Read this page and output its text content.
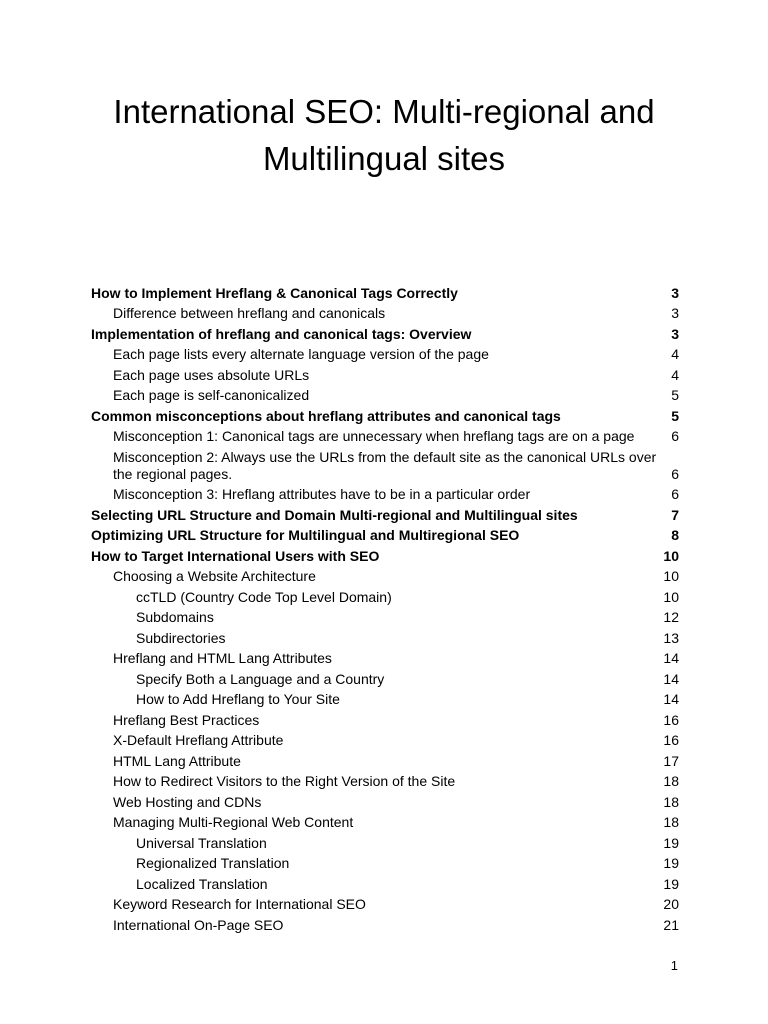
International SEO: Multi-regional and
Multilingual sites
How to Implement Hreflang & Canonical Tags Correctly	3
Difference between hreflang and canonicals	3
Implementation of hreflang and canonical tags: Overview	3
Each page lists every alternate language version of the page	4
Each page uses absolute URLs	4
Each page is self-canonicalized	5
Common misconceptions about hreflang attributes and canonical tags	5
Misconception 1: Canonical tags are unnecessary when hreflang tags are on a page	6
Misconception 2: Always use the URLs from the default site as the canonical URLs over the regional pages.	6
Misconception 3: Hreflang attributes have to be in a particular order	6
Selecting URL Structure and Domain Multi-regional and Multilingual sites	7
Optimizing URL Structure for Multilingual and Multiregional SEO	8
How to Target International Users with SEO	10
Choosing a Website Architecture	10
ccTLD (Country Code Top Level Domain)	10
Subdomains	12
Subdirectories	13
Hreflang and HTML Lang Attributes	14
Specify Both a Language and a Country	14
How to Add Hreflang to Your Site	14
Hreflang Best Practices	16
X-Default Hreflang Attribute	16
HTML Lang Attribute	17
How to Redirect Visitors to the Right Version of the Site	18
Web Hosting and CDNs	18
Managing Multi-Regional Web Content	18
Universal Translation	19
Regionalized Translation	19
Localized Translation	19
Keyword Research for International SEO	20
International On-Page SEO	21
1
